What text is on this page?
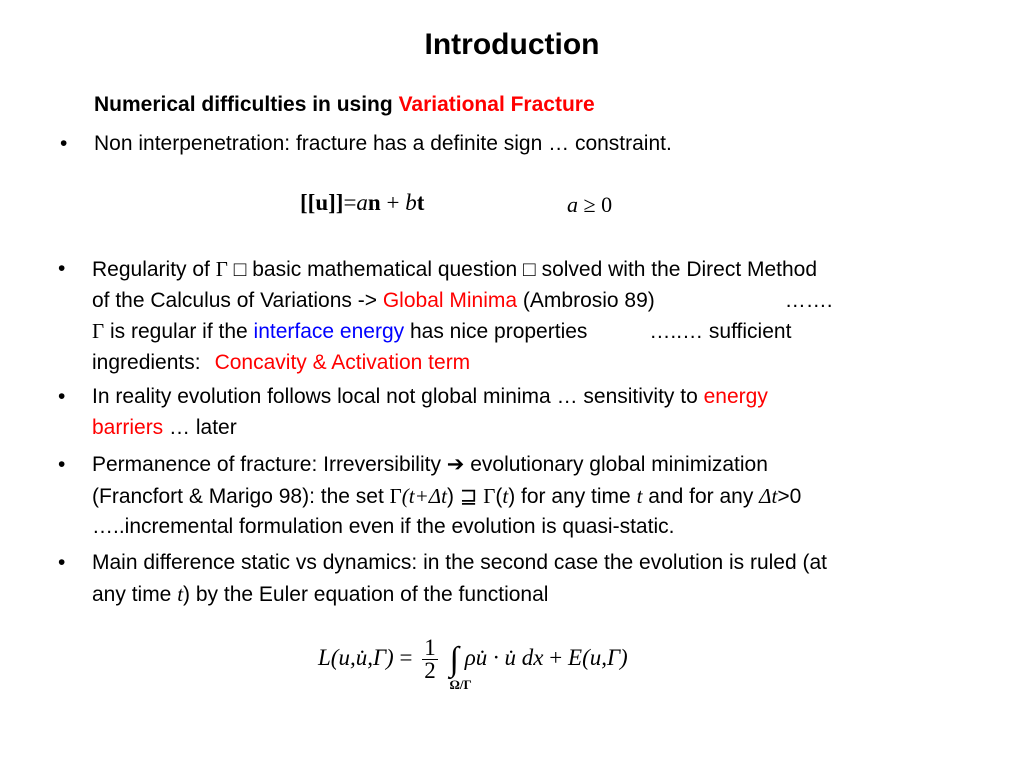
Introduction
Numerical difficulties in using Variational Fracture
• Non interpenetration: fracture has a definite sign … constraint.
[[u]]=an + bt	a ≥ 0
• Regularity of Γ □ basic mathematical question □ solved with the Direct Method
of the Calculus of Variations -> Global Minima (Ambrosio 89)	…….
Γ is regular if the interface energy has nice properties	…..… sufficient
ingredients: Concavity & Activation term
• In reality evolution follows local not global minima … sensitivity to energy
barriers … later
• Permanence of fracture: Irreversibility ➔ evolutionary global minimization
(Francfort & Marigo 98): the set Γ(t+Δt) ⊒ Γ(t) for any time t and for any Δt>0
…..incremental formulation even if the evolution is quasi-static.
• Main difference static vs dynamics: in the second case the evolution is ruled (at
any time t) by the Euler equation of the functional
L(u,u̇,Γ) = $\frac{1}{2}$ ∫
Ω/Γ
ρu̇ · u̇ dx + E(u,Γ)
